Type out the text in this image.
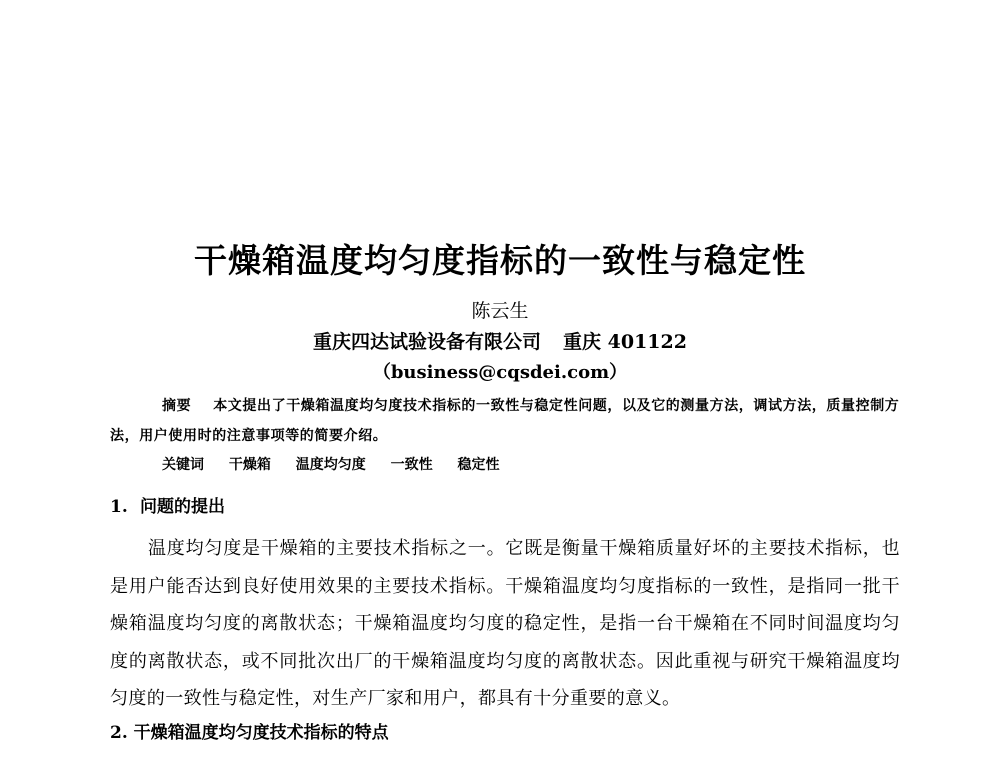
干燥箱温度均匀度指标的一致性与稳定性
陈云生
重庆四达试验设备有限公司 重庆 401122
（business@cqsdei.com）
摘要 本文提出了干燥箱温度均匀度技术指标的一致性与稳定性问题，以及它的测量方法，调试方法，质量控制方法，用户使用时的注意事项等的简要介绍。
关键词 干燥箱 温度均匀度 一致性 稳定性
1. 问题的提出
温度均匀度是干燥箱的主要技术指标之一。它既是衡量干燥箱质量好坏的主要技术指标，也是用户能否达到良好使用效果的主要技术指标。干燥箱温度均匀度指标的一致性，是指同一批干燥箱温度均匀度的离散状态；干燥箱温度均匀度的稳定性，是指一台干燥箱在不同时间温度均匀度的离散状态，或不同批次出厂的干燥箱温度均匀度的离散状态。因此重视与研究干燥箱温度均匀度的一致性与稳定性，对生产厂家和用户，都具有十分重要的意义。
2. 干燥箱温度均匀度技术指标的特点
